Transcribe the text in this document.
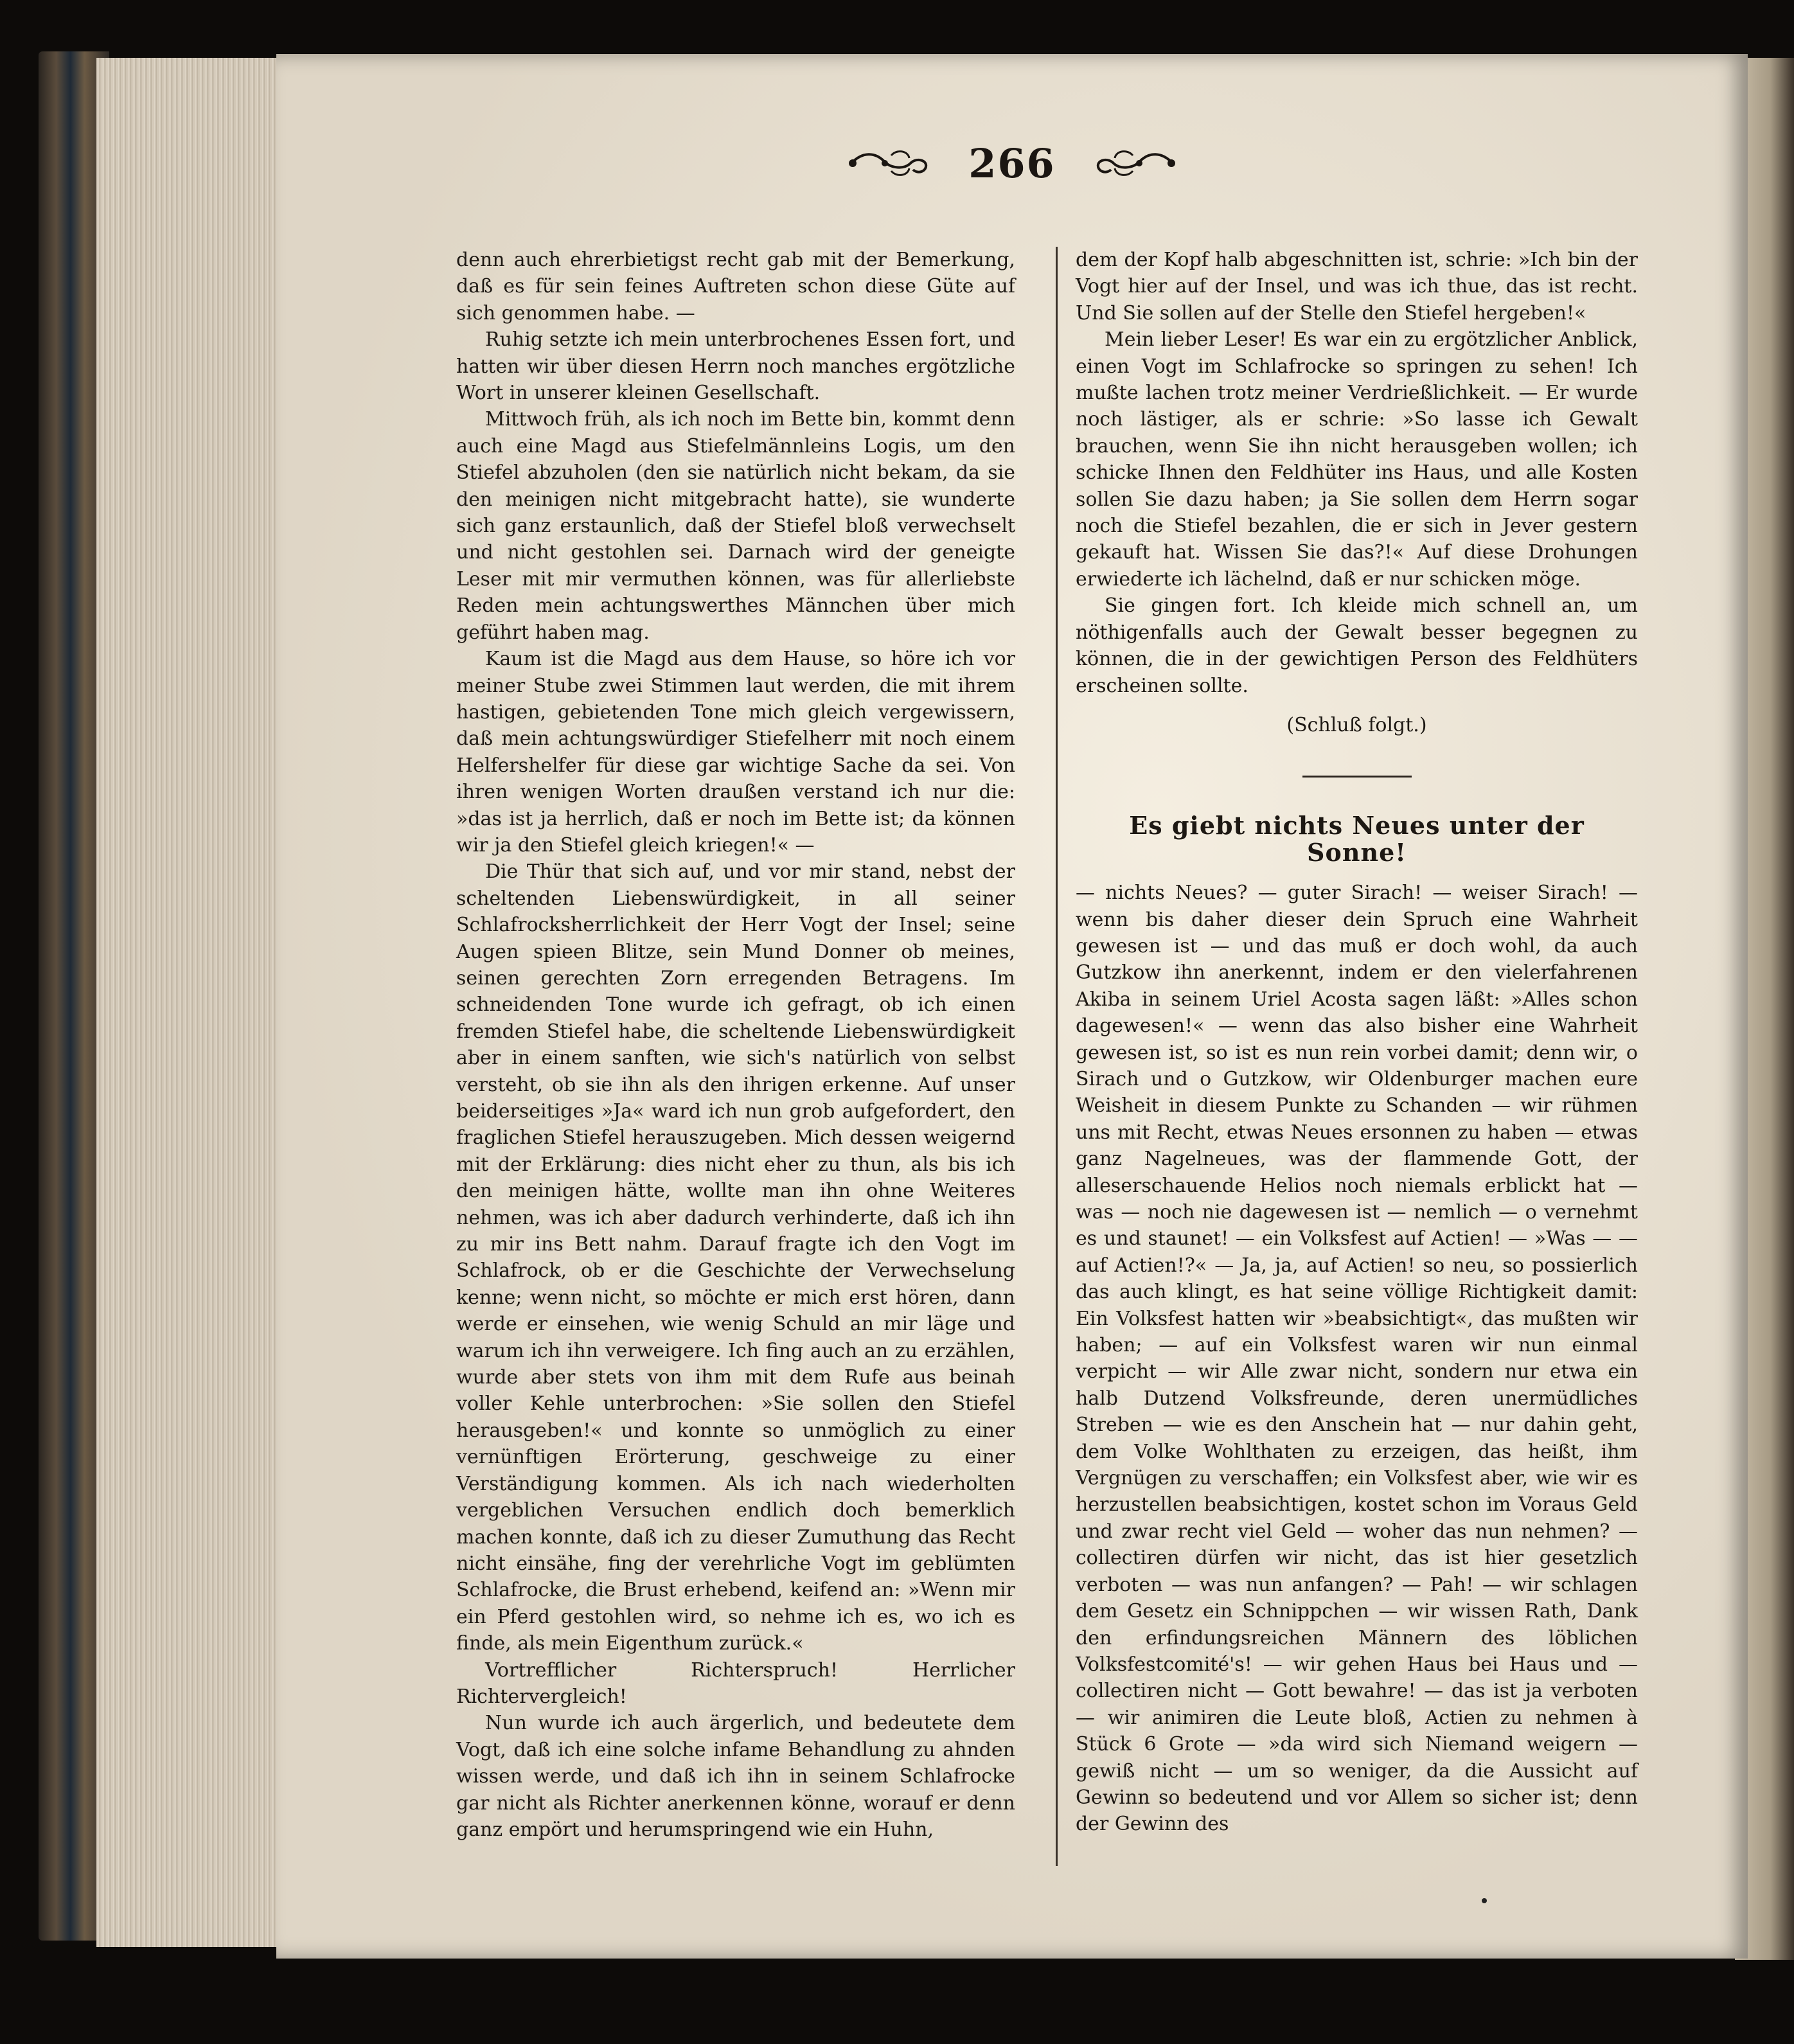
266

denn auch ehrerbietigst recht gab mit der Bemerkung, daß es für sein feines Auftreten schon diese Güte auf sich genommen habe. —

Ruhig setzte ich mein unterbrochenes Essen fort, und hatten wir über diesen Herrn noch manches ergötzliche Wort in unserer kleinen Gesellschaft.

Mittwoch früh, als ich noch im Bette bin, kommt denn auch eine Magd aus Stiefelmännleins Logis, um den Stiefel abzuholen (den sie natürlich nicht bekam, da sie den meinigen nicht mitgebracht hatte), sie wunderte sich ganz erstaunlich, daß der Stiefel bloß verwechselt und nicht gestohlen sei. Darnach wird der geneigte Leser mit mir vermuthen können, was für allerliebste Reden mein achtungswerthes Männchen über mich geführt haben mag.

Kaum ist die Magd aus dem Hause, so höre ich vor meiner Stube zwei Stimmen laut werden, die mit ihrem hastigen, gebietenden Tone mich gleich vergewissern, daß mein achtungswürdiger Stiefelherr mit noch einem Helfershelfer für diese gar wichtige Sache da sei. Von ihren wenigen Worten draußen verstand ich nur die: »das ist ja herrlich, daß er noch im Bette ist; da können wir ja den Stiefel gleich kriegen!« —

Die Thür that sich auf, und vor mir stand, nebst der scheltenden Liebenswürdigkeit, in all seiner Schlafrocksherrlichkeit der Herr Vogt der Insel; seine Augen spieen Blitze, sein Mund Donner ob meines, seinen gerechten Zorn erregenden Betragens. Im schneidenden Tone wurde ich gefragt, ob ich einen fremden Stiefel habe, die scheltende Liebenswürdigkeit aber in einem sanften, wie sich's natürlich von selbst versteht, ob sie ihn als den ihrigen erkenne. Auf unser beiderseitiges »Ja« ward ich nun grob aufgefordert, den fraglichen Stiefel herauszugeben. Mich dessen weigernd mit der Erklärung: dies nicht eher zu thun, als bis ich den meinigen hätte, wollte man ihn ohne Weiteres nehmen, was ich aber dadurch verhinderte, daß ich ihn zu mir ins Bett nahm. Darauf fragte ich den Vogt im Schlafrock, ob er die Geschichte der Verwechselung kenne; wenn nicht, so möchte er mich erst hören, dann werde er einsehen, wie wenig Schuld an mir läge und warum ich ihn verweigere. Ich fing auch an zu erzählen, wurde aber stets von ihm mit dem Rufe aus beinah voller Kehle unterbrochen: »Sie sollen den Stiefel herausgeben!« und konnte so unmöglich zu einer vernünftigen Erörterung, geschweige zu einer Verständigung kommen. Als ich nach wiederholten vergeblichen Versuchen endlich doch bemerklich machen konnte, daß ich zu dieser Zumuthung das Recht nicht einsähe, fing der verehrliche Vogt im geblümten Schlafrocke, die Brust erhebend, keifend an: »Wenn mir ein Pferd gestohlen wird, so nehme ich es, wo ich es finde, als mein Eigenthum zurück.«

Vortrefflicher Richterspruch! Herrlicher Richtervergleich!

Nun wurde ich auch ärgerlich, und bedeutete dem Vogt, daß ich eine solche infame Behandlung zu ahnden wissen werde, und daß ich ihn in seinem Schlafrocke gar nicht als Richter anerkennen könne, worauf er denn ganz empört und herumspringend wie ein Huhn,

dem der Kopf halb abgeschnitten ist, schrie: »Ich bin der Vogt hier auf der Insel, und was ich thue, das ist recht. Und Sie sollen auf der Stelle den Stiefel hergeben!«

Mein lieber Leser! Es war ein zu ergötzlicher Anblick, einen Vogt im Schlafrocke so springen zu sehen! Ich mußte lachen trotz meiner Verdrießlichkeit. — Er wurde noch lästiger, als er schrie: »So lasse ich Gewalt brauchen, wenn Sie ihn nicht herausgeben wollen; ich schicke Ihnen den Feldhüter ins Haus, und alle Kosten sollen Sie dazu haben; ja Sie sollen dem Herrn sogar noch die Stiefel bezahlen, die er sich in Jever gestern gekauft hat. Wissen Sie das?!« Auf diese Drohungen erwiederte ich lächelnd, daß er nur schicken möge.

Sie gingen fort. Ich kleide mich schnell an, um nöthigenfalls auch der Gewalt besser begegnen zu können, die in der gewichtigen Person des Feldhüters erscheinen sollte.

(Schluß folgt.)
Es giebt nichts Neues unter der Sonne!

— nichts Neues? — guter Sirach! — weiser Sirach! — wenn bis daher dieser dein Spruch eine Wahrheit gewesen ist — und das muß er doch wohl, da auch Gutzkow ihn anerkennt, indem er den vielerfahrenen Akiba in seinem Uriel Acosta sagen läßt: »Alles schon dagewesen!« — wenn das also bisher eine Wahrheit gewesen ist, so ist es nun rein vorbei damit; denn wir, o Sirach und o Gutzkow, wir Oldenburger machen eure Weisheit in diesem Punkte zu Schanden — wir rühmen uns mit Recht, etwas Neues ersonnen zu haben — etwas ganz Nagelneues, was der flammende Gott, der alleserschauende Helios noch niemals erblickt hat — was — noch nie dagewesen ist — nemlich — o vernehmt es und staunet! — ein Volksfest auf Actien! — »Was — — auf Actien!?« — Ja, ja, auf Actien! so neu, so possierlich das auch klingt, es hat seine völlige Richtigkeit damit: Ein Volksfest hatten wir »beabsichtigt«, das mußten wir haben; — auf ein Volksfest waren wir nun einmal verpicht — wir Alle zwar nicht, sondern nur etwa ein halb Dutzend Volksfreunde, deren unermüdliches Streben — wie es den Anschein hat — nur dahin geht, dem Volke Wohlthaten zu erzeigen, das heißt, ihm Vergnügen zu verschaffen; ein Volksfest aber, wie wir es herzustellen beabsichtigen, kostet schon im Voraus Geld und zwar recht viel Geld — woher das nun nehmen? — collectiren dürfen wir nicht, das ist hier gesetzlich verboten — was nun anfangen? — Pah! — wir schlagen dem Gesetz ein Schnippchen — wir wissen Rath, Dank den erfindungsreichen Männern des löblichen Volksfestcomité's! — wir gehen Haus bei Haus und — collectiren nicht — Gott bewahre! — das ist ja verboten — wir animiren die Leute bloß, Actien zu nehmen à Stück 6 Grote — »da wird sich Niemand weigern — gewiß nicht — um so weniger, da die Aussicht auf Gewinn so bedeutend und vor Allem so sicher ist; denn der Gewinn des
